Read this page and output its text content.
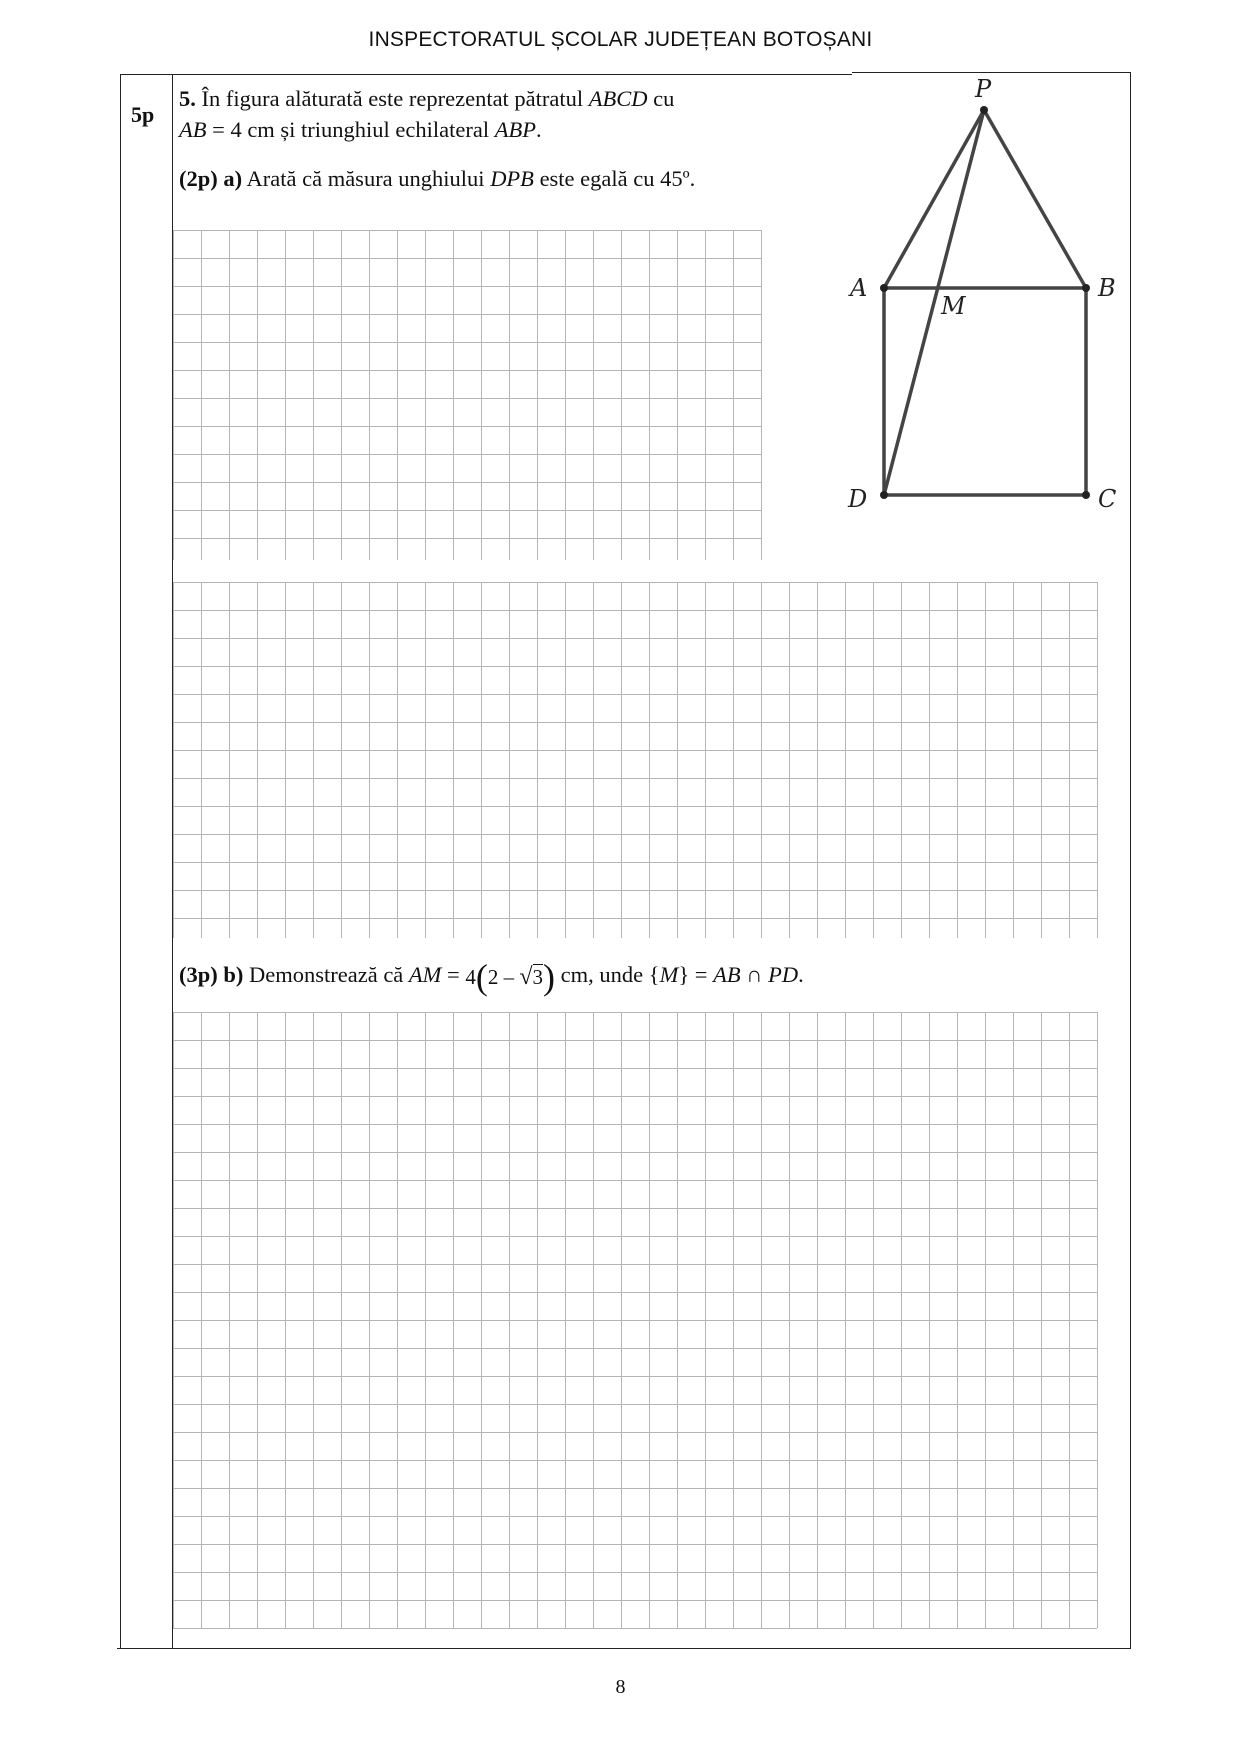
INSPECTORATUL ȘCOLAR JUDEȚEAN BOTOȘANI
5p
5. În figura alăturată este reprezentat pătratul ABCD cu
AB = 4 cm și triunghiul echilateral ABP.
(2p) a) Arată că măsura unghiului DPB este egală cu 45º.
(3p) b) Demonstrează că AM = 4(2 – √3) cm, unde {M} = AB ∩ PD.
P
A	B
M
D	C
8
